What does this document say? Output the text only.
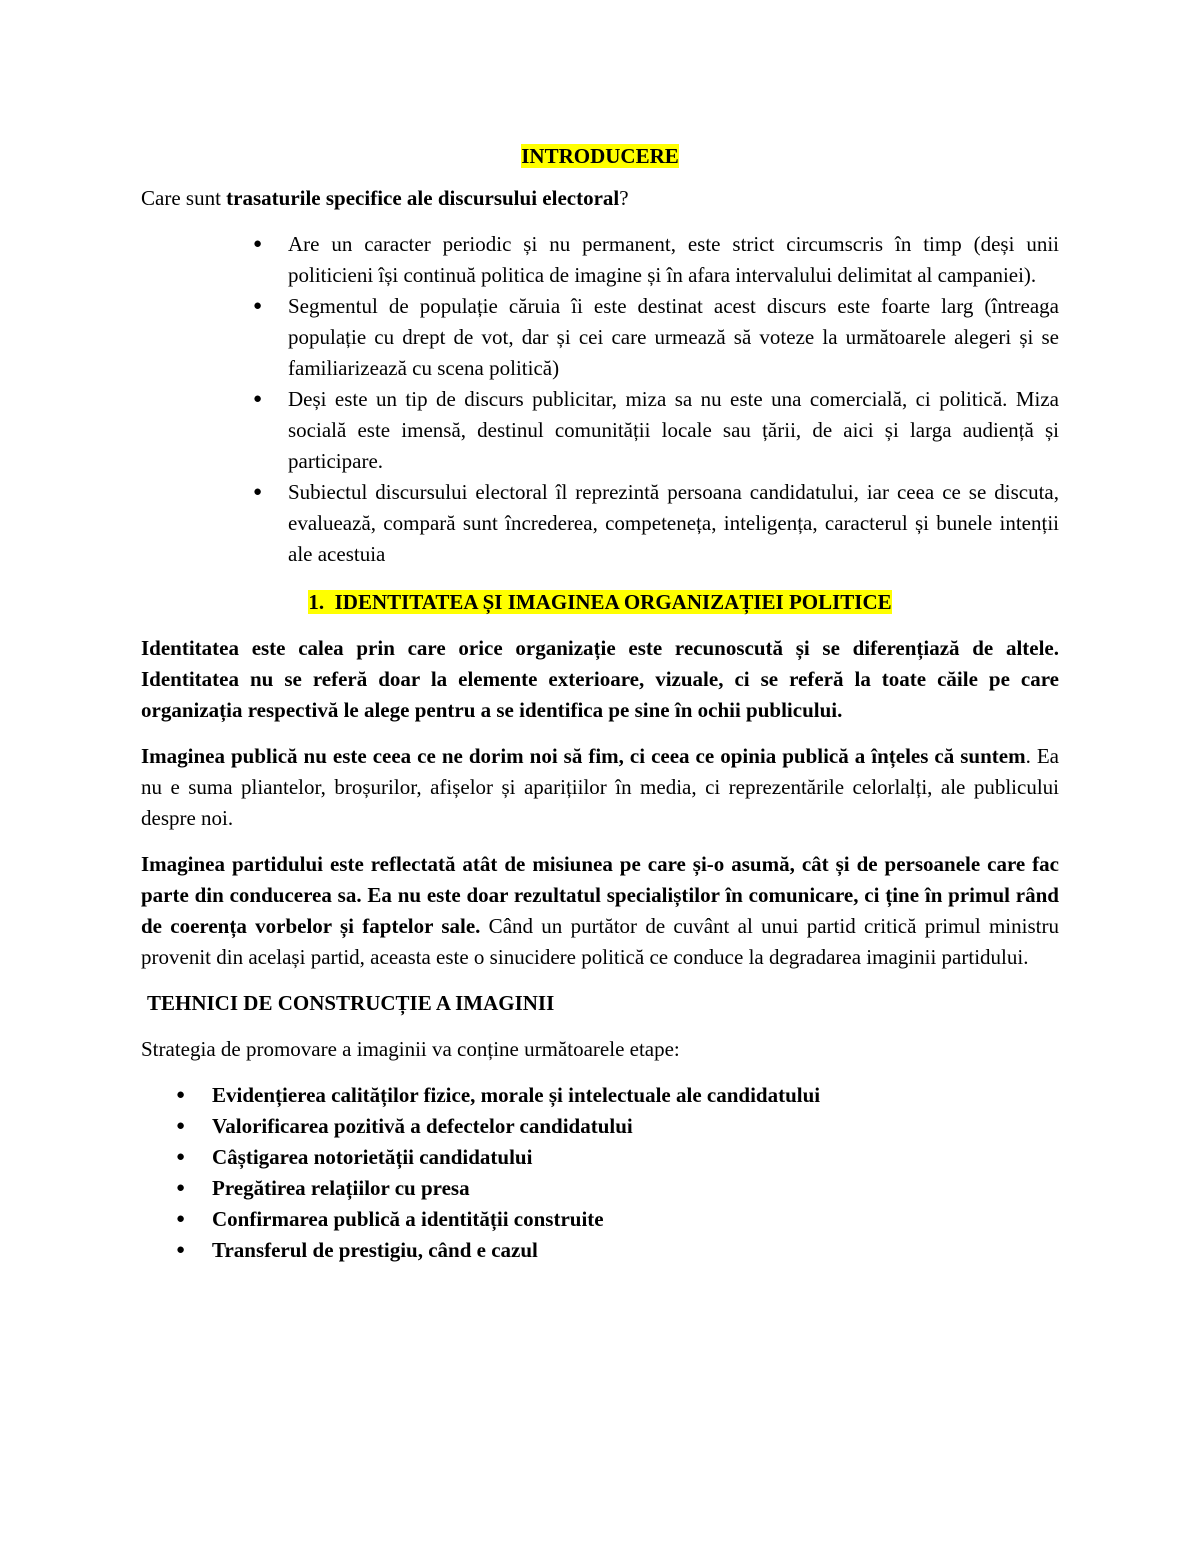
INTRODUCERE

Care sunt trasaturile specifice ale discursului electoral?

● Are un caracter periodic și nu permanent, este strict circumscris în timp (deși unii politicieni își continuă politica de imagine și în afara intervalului delimitat al campaniei).
● Segmentul de populație căruia îi este destinat acest discurs este foarte larg (întreaga populație cu drept de vot, dar și cei care urmează să voteze la următoarele alegeri și se familiarizează cu scena politică)
● Deși este un tip de discurs publicitar, miza sa nu este una comercială, ci politică. Miza socială este imensă, destinul comunității locale sau țării, de aici și larga audiență și participare.
● Subiectul discursului electoral îl reprezintă persoana candidatului, iar ceea ce se discuta, evaluează, compară sunt încrederea, competeneța, inteligența, caracterul și bunele intenții ale acestuia

1. IDENTITATEA ȘI IMAGINEA ORGANIZAȚIEI POLITICE

Identitatea este calea prin care orice organizație este recunoscută și se diferențiază de altele. Identitatea nu se referă doar la elemente exterioare, vizuale, ci se referă la toate căile pe care organizația respectivă le alege pentru a se identifica pe sine în ochii publicului.

Imaginea publică nu este ceea ce ne dorim noi să fim, ci ceea ce opinia publică a înțeles că suntem. Ea nu e suma pliantelor, broșurilor, afișelor și aparițiilor în media, ci reprezentările celorlalți, ale publicului despre noi.

Imaginea partidului este reflectată atât de misiunea pe care și-o asumă, cât și de persoanele care fac parte din conducerea sa. Ea nu este doar rezultatul specialiștilor în comunicare, ci ține în primul rând de coerența vorbelor și faptelor sale. Când un purtător de cuvânt al unui partid critică primul ministru provenit din același partid, aceasta este o sinucidere politică ce conduce la degradarea imaginii partidului.

TEHNICI DE CONSTRUCȚIE A IMAGINII

Strategia de promovare a imaginii va conține următoarele etape:

● Evidențierea calităților fizice, morale și intelectuale ale candidatului
● Valorificarea pozitivă a defectelor candidatului
● Câștigarea notorietății candidatului
● Pregătirea relațiilor cu presa
● Confirmarea publică a identității construite
● Transferul de prestigiu, când e cazul
